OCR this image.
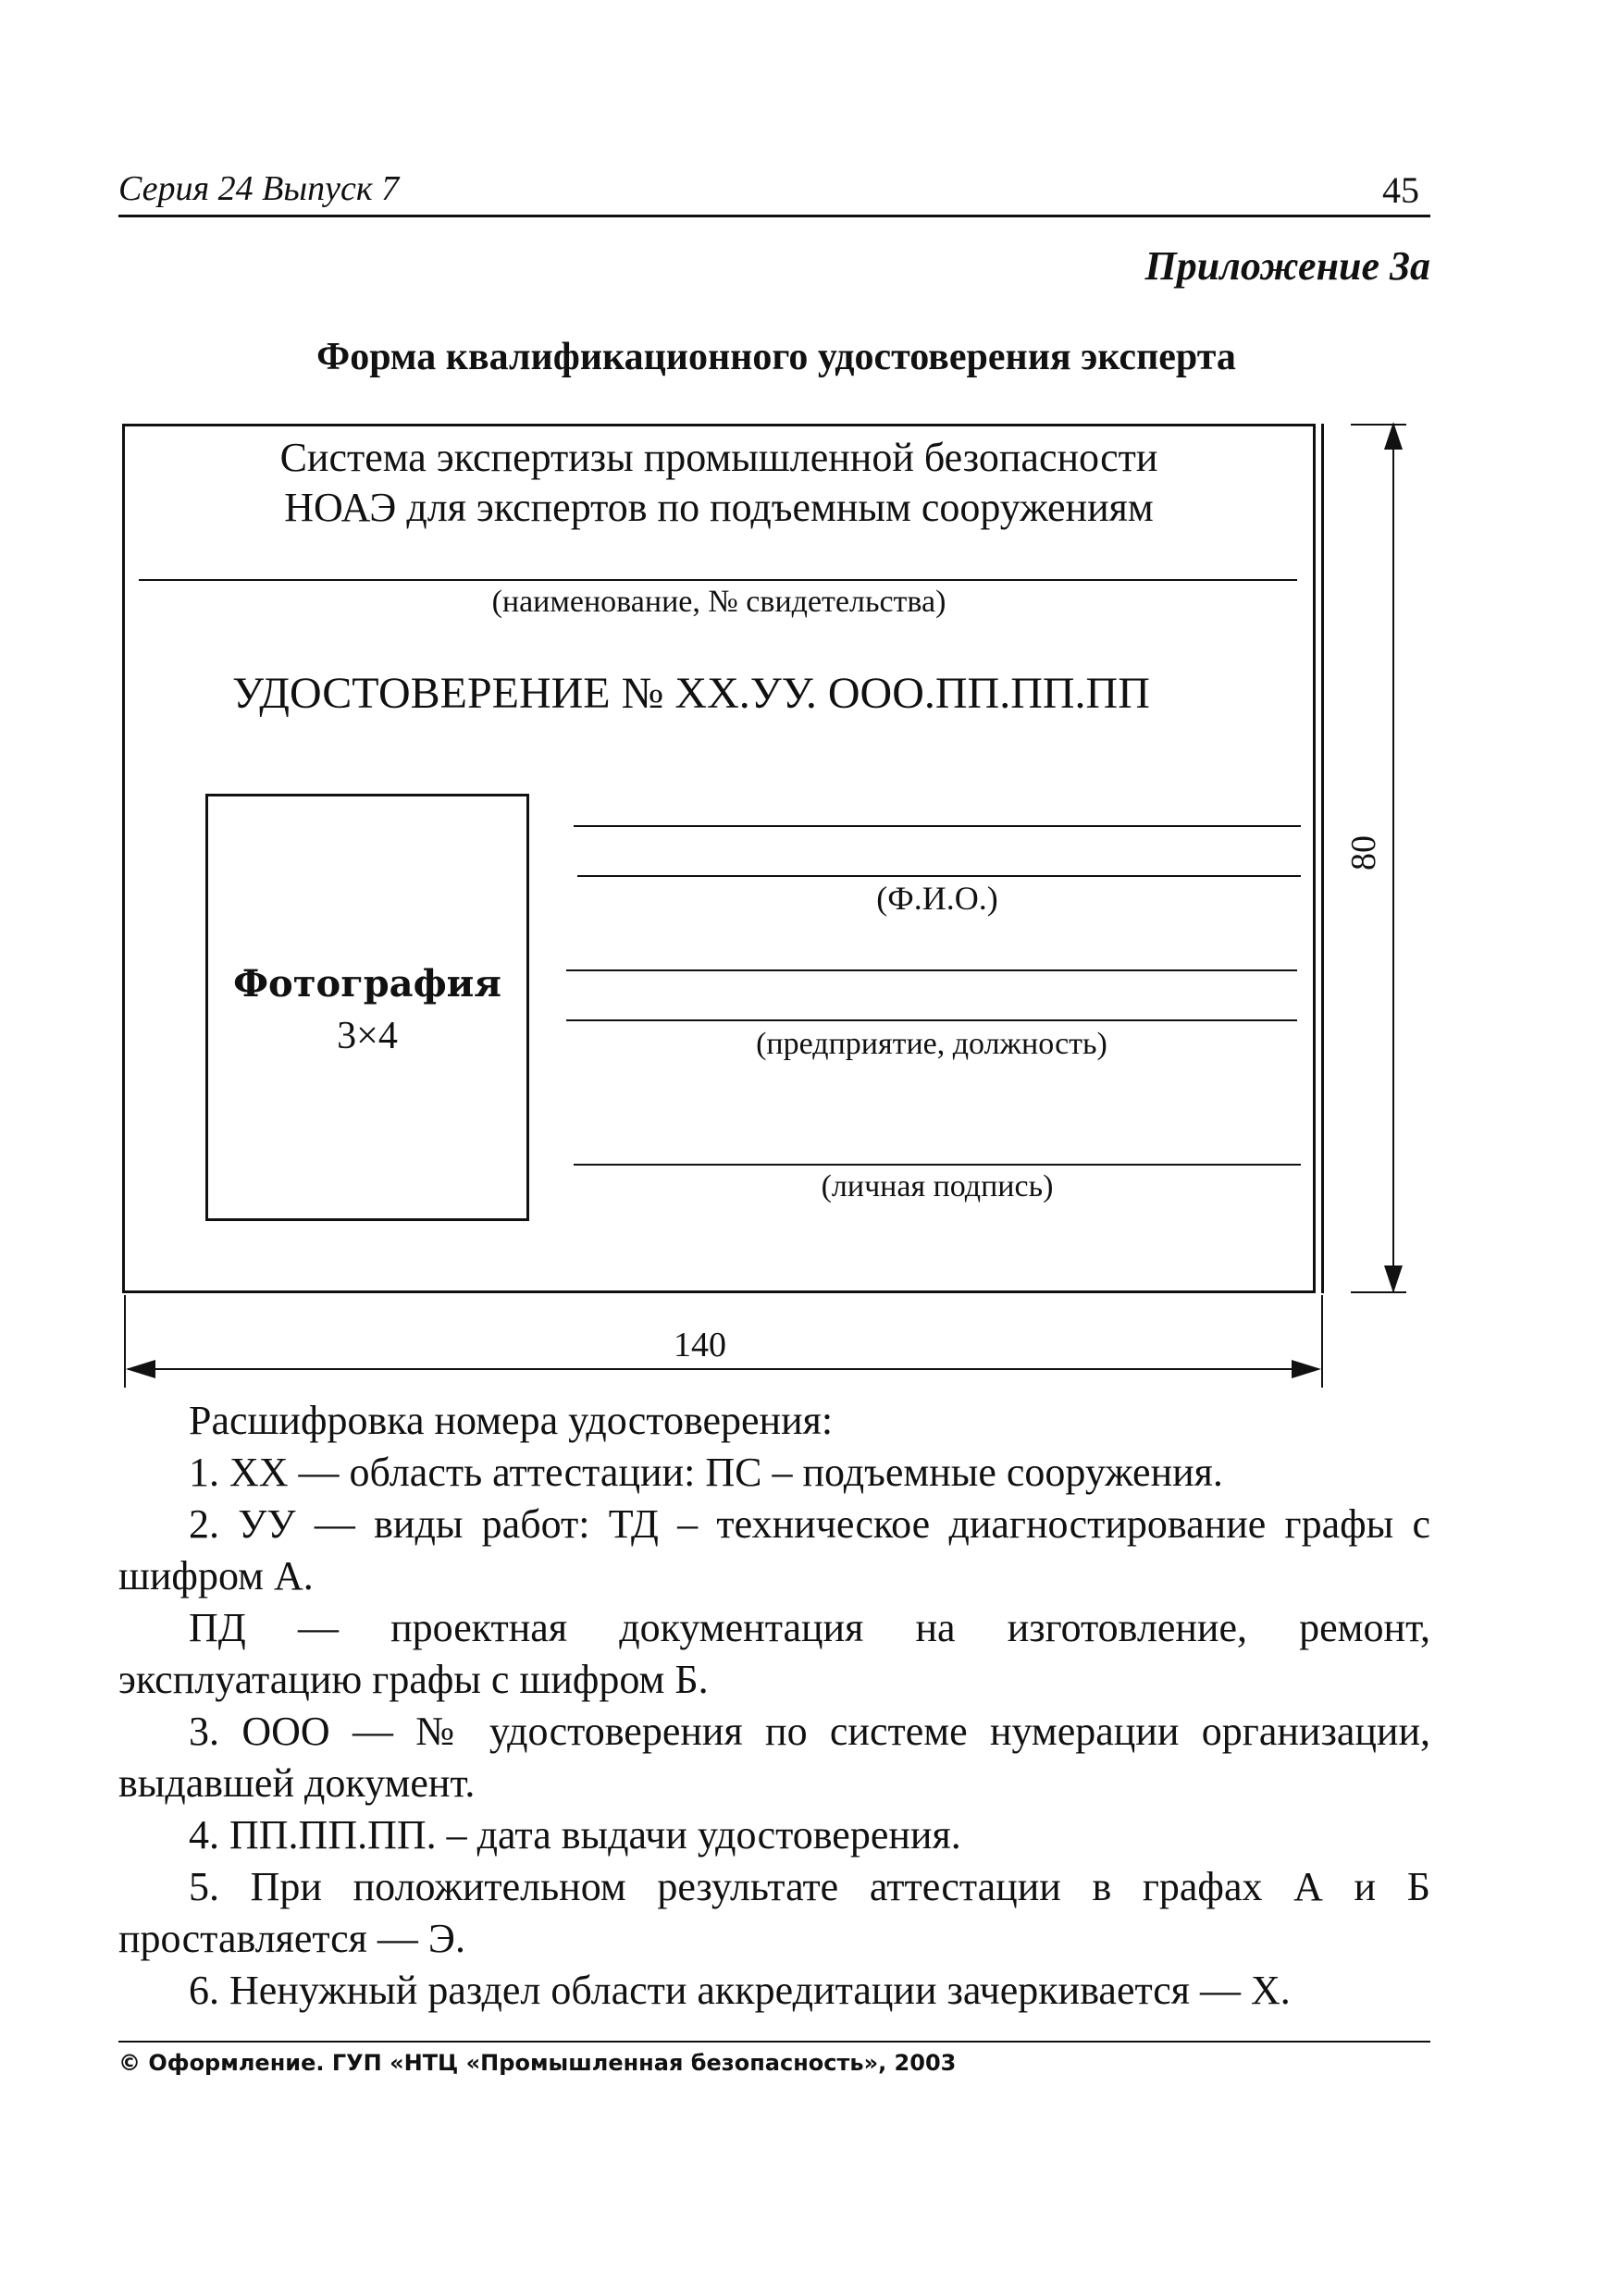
Серия 24 Выпуск 7	45
Приложение 3а
Форма квалификационного удостоверения эксперта
Система экспертизы промышленной безопасности
НОАЭ для экспертов по подъемным сооружениям
(наименование, № свидетельства)
УДОСТОВЕРЕНИЕ № ХХ.УУ. ООО.ПП.ПП.ПП
Фотография
3×4
(Ф.И.О.)
(предприятие, должность)
(личная подпись)
80
140

Расшифровка номера удостоверения:

1. ХХ — область аттестации: ПС – подъемные сооружения.

2. УУ — виды работ: ТД – техническое диагностирование графы с шифром А.

ПД — проектная документация на изготовление, ремонт, эксплуатацию графы с шифром Б.

3. ООО — № удостоверения по системе нумерации организации, выдавшей документ.

4. ПП.ПП.ПП. – дата выдачи удостоверения.

5. При положительном результате аттестации в графах А и Б проставляется — Э.

6. Ненужный раздел области аккредитации зачеркивается — Х.

© Оформление. ГУП «НТЦ «Промышленная безопасность», 2003
